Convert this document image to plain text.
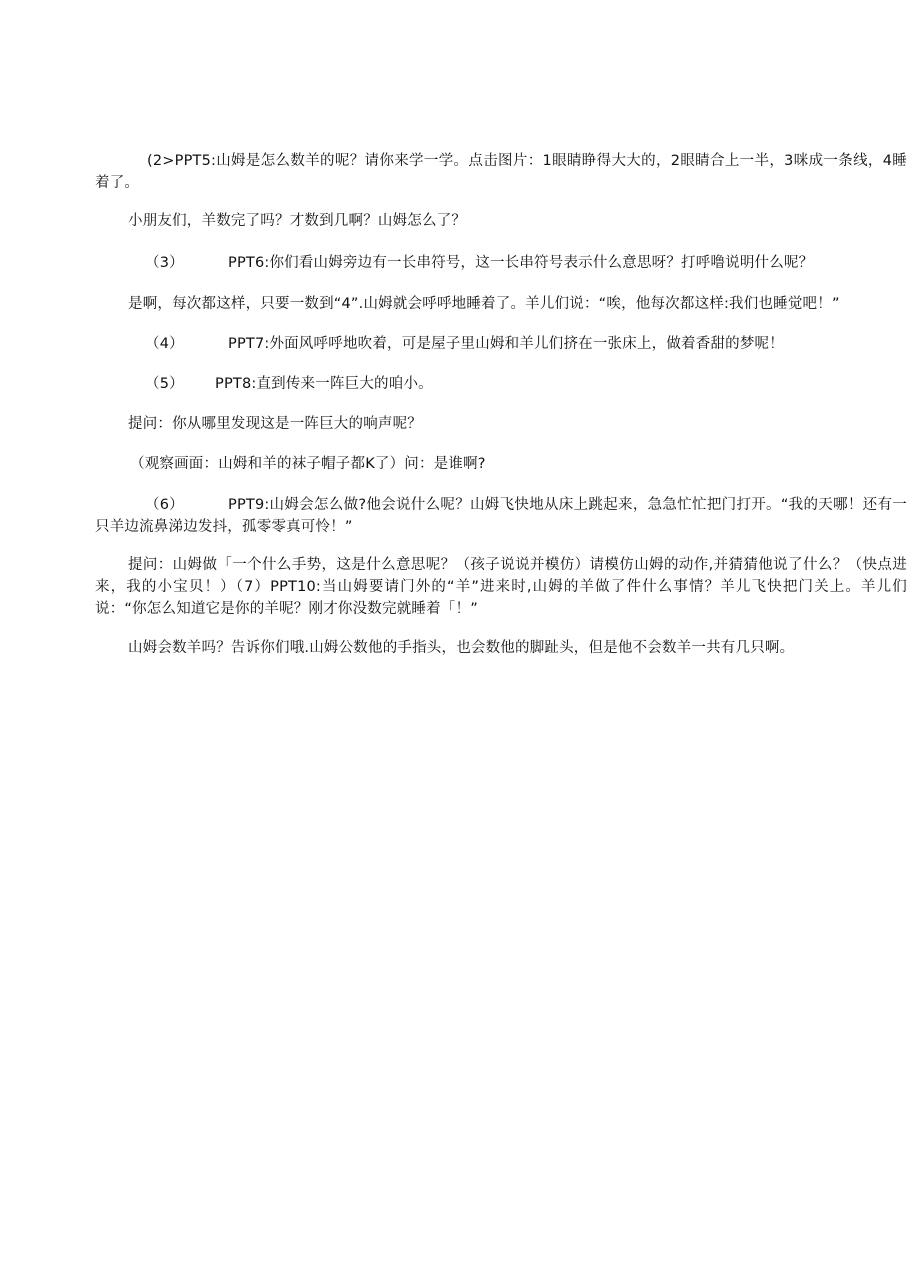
(2>PPT5:山姆是怎么数羊的呢？请你来学一学。点击图片：1眼睛睁得大大的，2眼睛合上一半，3咪成一条线，4睡着了。

小朋友们，羊数完了吗？才数到几啊？山姆怎么了？

（3）	PPT6:你们看山姆旁边有一长串符号，这一长串符号表示什么意思呀？打呼噜说明什么呢？

是啊，每次都这样，只要一数到“4”.山姆就会呼呼地睡着了。羊儿们说：“唉，他每次都这样:我们也睡觉吧！”

（4）	PPT7:外面风呼呼地吹着，可是屋子里山姆和羊儿们挤在一张床上，做着香甜的梦呢！

（5） PPT8:直到传来一阵巨大的咱小。

提问：你从哪里发现这是一阵巨大的响声呢？

（观察画面：山姆和羊的袜子帽子都K了）问：是谁啊?

（6）	PPT9:山姆会怎么做?他会说什么呢？山姆飞快地从床上跳起来，急急忙忙把门打开。“我的天哪！还有一只羊边流鼻涕边发抖，孤零零真可怜！”

提问：山姆做「一个什么手势，这是什么意思呢？（孩子说说并模仿）请模仿山姆的动作,并猜猜他说了什么？（快点进来，我的小宝贝！）（7）PPT10:当山姆要请门外的“羊”进来时,山姆的羊做了件什么事情？羊儿飞快把门关上。羊儿们说：“你怎么知道它是你的羊呢？刚才你没数完就睡着「！”

山姆会数羊吗？告诉你们哦.山姆公数他的手指头，也会数他的脚趾头，但是他不会数羊一共有几只啊。
